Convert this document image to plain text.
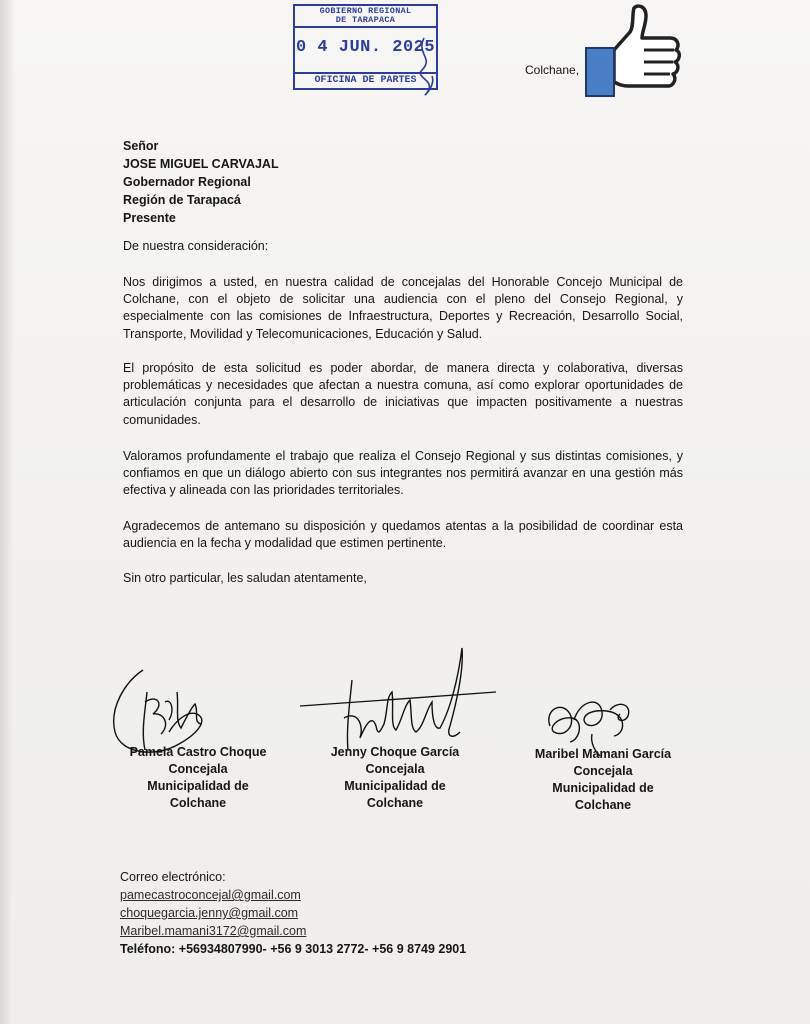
GOBIERNO REGIONAL
DE TARAPACA
0 4 JUN. 2025
OFICINA DE PARTES
Colchane,
Señor
JOSE MIGUEL CARVAJAL
Gobernador Regional
Región de Tarapacá
Presente
De nuestra consideración:
Nos dirigimos a usted, en nuestra calidad de concejalas del Honorable Concejo Municipal de Colchane, con el objeto de solicitar una audiencia con el pleno del Consejo Regional, y especialmente con las comisiones de Infraestructura, Deportes y Recreación, Desarrollo Social, Transporte, Movilidad y Telecomunicaciones, Educación y Salud.
El propósito de esta solicitud es poder abordar, de manera directa y colaborativa, diversas problemáticas y necesidades que afectan a nuestra comuna, así como explorar oportunidades de articulación conjunta para el desarrollo de iniciativas que impacten positivamente a nuestras comunidades.
Valoramos profundamente el trabajo que realiza el Consejo Regional y sus distintas comisiones, y confiamos en que un diálogo abierto con sus integrantes nos permitirá avanzar en una gestión más efectiva y alineada con las prioridades territoriales.
Agradecemos de antemano su disposición y quedamos atentas a la posibilidad de coordinar esta audiencia en la fecha y modalidad que estimen pertinente.
Sin otro particular, les saludan atentamente,
Pamela Castro Choque
Concejala
Municipalidad de
Colchane
Jenny Choque García
Concejala
Municipalidad de
Colchane
Maribel Mamani García
Concejala
Municipalidad de
Colchane
Correo electrónico:
pamecastroconcejal@gmail.com
choquegarcia.jenny@gmail.com
Maribel.mamani3172@gmail.com
Teléfono: +56934807990- +56 9 3013 2772- +56 9 8749 2901
